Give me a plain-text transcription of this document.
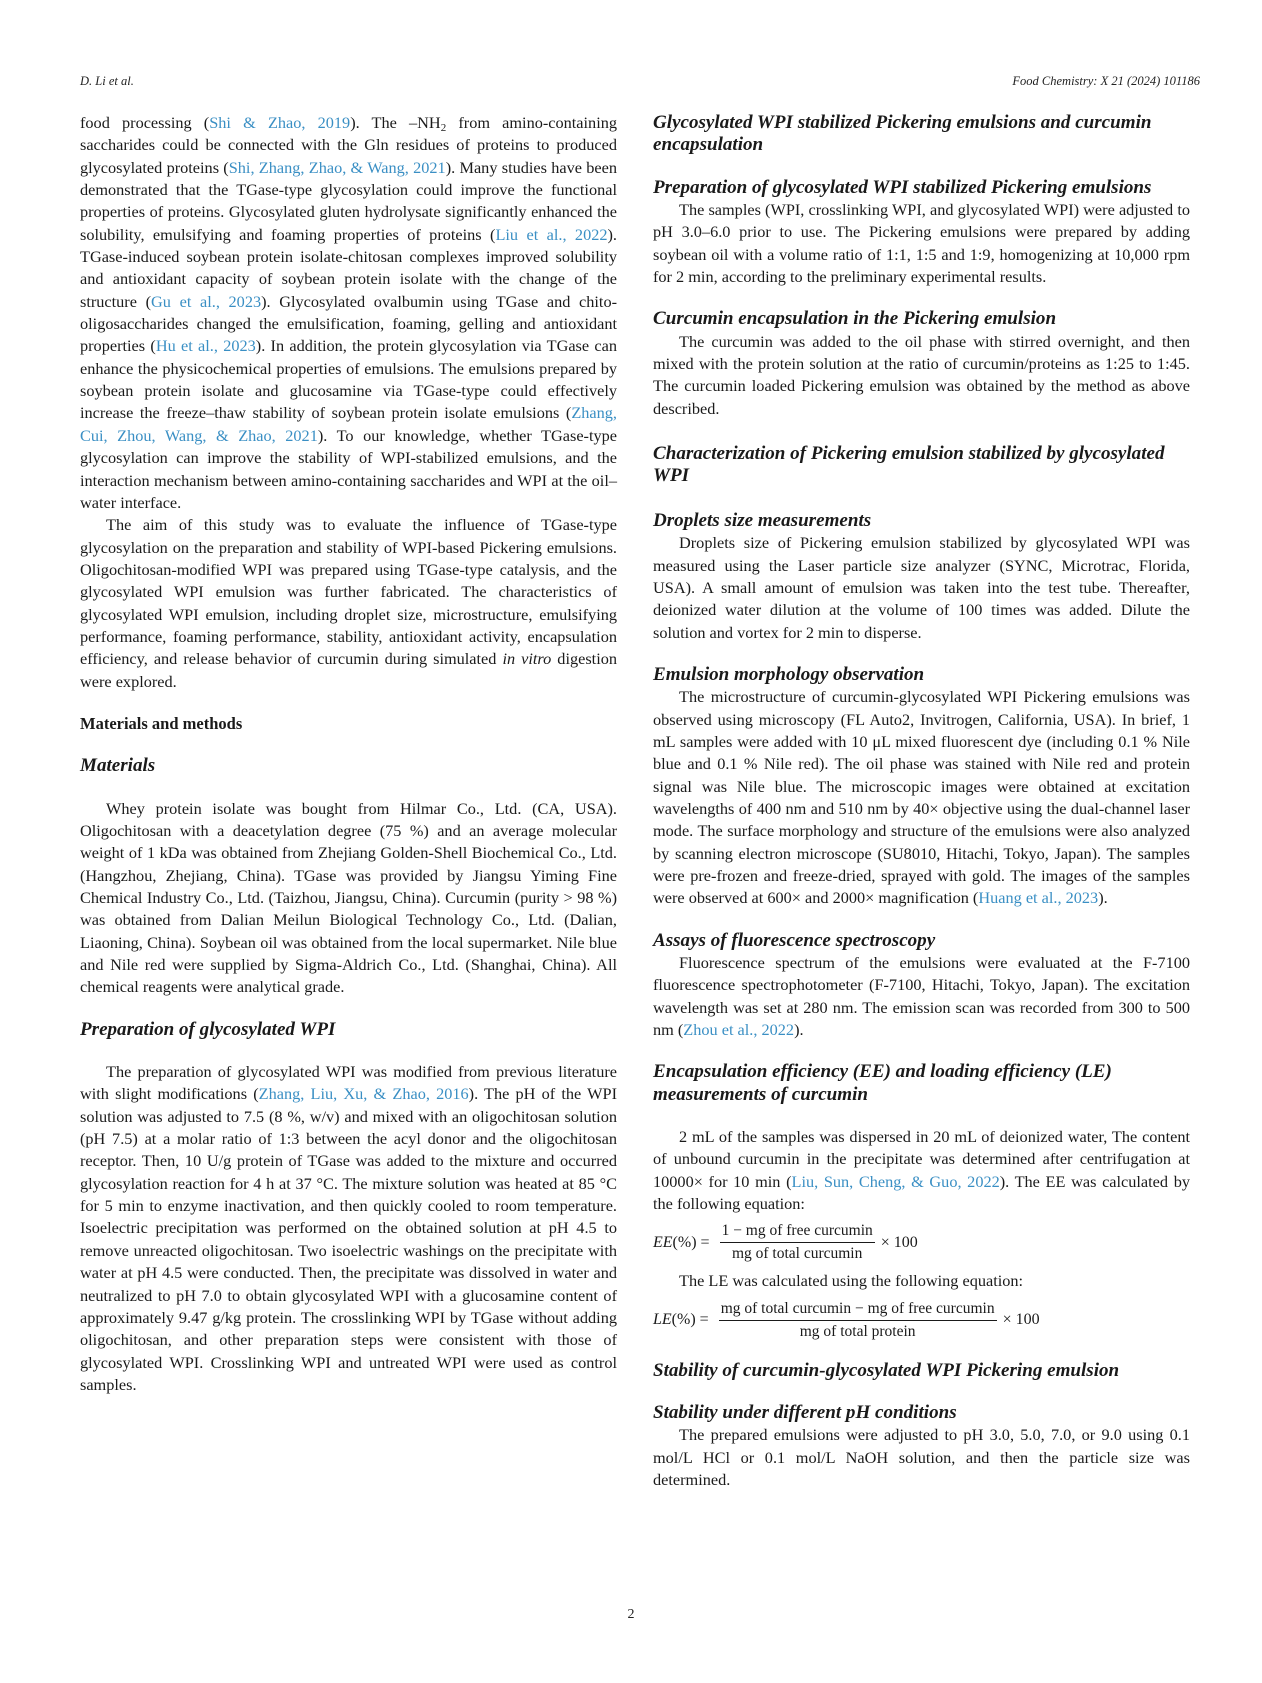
D. Li et al.	Food Chemistry: X 21 (2024) 101186

food processing (Shi & Zhao, 2019). The $-NH_2$ from amino-containing saccharides could be connected with the Gln residues of proteins to produced glycosylated proteins (Shi, Zhang, Zhao, & Wang, 2021). Many studies have been demonstrated that the TGase-type glycosylation could improve the functional properties of proteins. Glycosylated gluten hydrolysate significantly enhanced the solubility, emulsifying and foaming properties of proteins (Liu et al., 2022). TGase-induced soybean protein isolate-chitosan complexes improved solubility and antioxidant capacity of soybean protein isolate with the change of the structure (Gu et al., 2023). Glycosylated ovalbumin using TGase and chito-oligosaccharides changed the emulsification, foaming, gelling and antioxidant properties (Hu et al., 2023). In addition, the protein glycosylation via TGase can enhance the physicochemical properties of emulsions. The emulsions prepared by soybean protein isolate and glucosamine via TGase-type could effectively increase the freeze–thaw stability of soybean protein isolate emulsions (Zhang, Cui, Zhou, Wang, & Zhao, 2021). To our knowledge, whether TGase-type glycosylation can improve the stability of WPI-stabilized emulsions, and the interaction mechanism between amino-containing saccharides and WPI at the oil–water interface.

The aim of this study was to evaluate the influence of TGase-type glycosylation on the preparation and stability of WPI-based Pickering emulsions. Oligochitosan-modified WPI was prepared using TGase-type catalysis, and the glycosylated WPI emulsion was further fabricated. The characteristics of glycosylated WPI emulsion, including droplet size, microstructure, emulsifying performance, foaming performance, stability, antioxidant activity, encapsulation efficiency, and release behavior of curcumin during simulated in vitro digestion were explored.

Materials and methods
Materials

Whey protein isolate was bought from Hilmar Co., Ltd. (CA, USA). Oligochitosan with a deacetylation degree (75 %) and an average molecular weight of 1 kDa was obtained from Zhejiang Golden-Shell Biochemical Co., Ltd. (Hangzhou, Zhejiang, China). TGase was provided by Jiangsu Yiming Fine Chemical Industry Co., Ltd. (Taizhou, Jiangsu, China). Curcumin (purity > 98 %) was obtained from Dalian Meilun Biological Technology Co., Ltd. (Dalian, Liaoning, China). Soybean oil was obtained from the local supermarket. Nile blue and Nile red were supplied by Sigma-Aldrich Co., Ltd. (Shanghai, China). All chemical reagents were analytical grade.

Preparation of glycosylated WPI

The preparation of glycosylated WPI was modified from previous literature with slight modifications (Zhang, Liu, Xu, & Zhao, 2016). The pH of the WPI solution was adjusted to 7.5 (8 %, w/v) and mixed with an oligochitosan solution (pH 7.5) at a molar ratio of 1:3 between the acyl donor and the oligochitosan receptor. Then, 10 U/g protein of TGase was added to the mixture and occurred glycosylation reaction for 4 h at 37 °C. The mixture solution was heated at 85 °C for 5 min to enzyme inactivation, and then quickly cooled to room temperature. Isoelectric precipitation was performed on the obtained solution at pH 4.5 to remove unreacted oligochitosan. Two isoelectric washings on the precipitate with water at pH 4.5 were conducted. Then, the precipitate was dissolved in water and neutralized to pH 7.0 to obtain glycosylated WPI with a glucosamine content of approximately 9.47 g/kg protein. The crosslinking WPI by TGase without adding oligochitosan, and other preparation steps were consistent with those of glycosylated WPI. Crosslinking WPI and untreated WPI were used as control samples.

Glycosylated WPI stabilized Pickering emulsions and curcumin encapsulation
Preparation of glycosylated WPI stabilized Pickering emulsions

The samples (WPI, crosslinking WPI, and glycosylated WPI) were adjusted to pH 3.0–6.0 prior to use. The Pickering emulsions were prepared by adding soybean oil with a volume ratio of 1:1, 1:5 and 1:9, homogenizing at 10,000 rpm for 2 min, according to the preliminary experimental results.

Curcumin encapsulation in the Pickering emulsion

The curcumin was added to the oil phase with stirred overnight, and then mixed with the protein solution at the ratio of curcumin/proteins as 1:25 to 1:45. The curcumin loaded Pickering emulsion was obtained by the method as above described.

Characterization of Pickering emulsion stabilized by glycosylated WPI
Droplets size measurements

Droplets size of Pickering emulsion stabilized by glycosylated WPI was measured using the Laser particle size analyzer (SYNC, Microtrac, Florida, USA). A small amount of emulsion was taken into the test tube. Thereafter, deionized water dilution at the volume of 100 times was added. Dilute the solution and vortex for 2 min to disperse.

Emulsion morphology observation

The microstructure of curcumin-glycosylated WPI Pickering emulsions was observed using microscopy (FL Auto2, Invitrogen, California, USA). In brief, 1 mL samples were added with 10 μL mixed fluorescent dye (including 0.1 % Nile blue and 0.1 % Nile red). The oil phase was stained with Nile red and protein signal was Nile blue. The microscopic images were obtained at excitation wavelengths of 400 nm and 510 nm by 40× objective using the dual-channel laser mode. The surface morphology and structure of the emulsions were also analyzed by scanning electron microscope (SU8010, Hitachi, Tokyo, Japan). The samples were pre-frozen and freeze-dried, sprayed with gold. The images of the samples were observed at 600× and 2000× magnification (Huang et al., 2023).

Assays of fluorescence spectroscopy

Fluorescence spectrum of the emulsions were evaluated at the F-7100 fluorescence spectrophotometer (F-7100, Hitachi, Tokyo, Japan). The excitation wavelength was set at 280 nm. The emission scan was recorded from 300 to 500 nm (Zhou et al., 2022).

Encapsulation efficiency (EE) and loading efficiency (LE) measurements of curcumin

2 mL of the samples was dispersed in 20 mL of deionized water, The content of unbound curcumin in the precipitate was determined after centrifugation at 10000× for 10 min (Liu, Sun, Cheng, & Guo, 2022). The EE was calculated by the following equation:

$EE(\%) = \frac{\text{1 − mg of free curcumin}}{\text{mg of total curcumin}} \times 100$

The LE was calculated using the following equation:

$LE(\%) = \frac{\text{mg of total curcumin − mg of free curcumin}}{\text{mg of total protein}} \times 100$
Stability of curcumin-glycosylated WPI Pickering emulsion
Stability under different pH conditions

The prepared emulsions were adjusted to pH 3.0, 5.0, 7.0, or 9.0 using 0.1 mol/L HCl or 0.1 mol/L NaOH solution, and then the particle size was determined.

2
